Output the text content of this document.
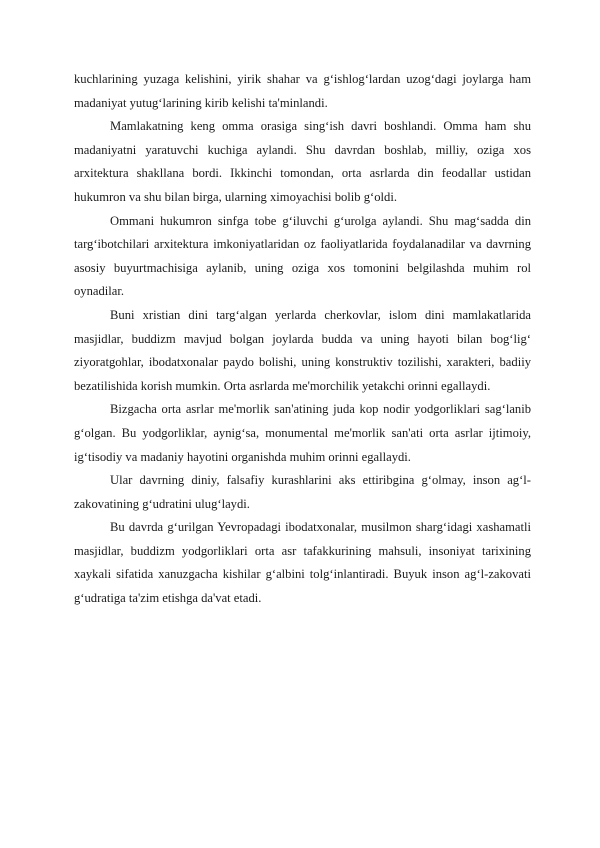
kuchlarining yuzaga kelishini, yirik shahar va g‘ishlog‘lardan uzog‘dagi joylarga ham madaniyat yutug‘larining kirib kelishi ta'minlandi.

Mamlakatning keng omma orasiga sing‘ish davri boshlandi. Omma ham shu madaniyatni yaratuvchi kuchiga aylandi. Shu davrdan boshlab, milliy, oziga xos arxitektura shakllana bordi. Ikkinchi tomondan, orta asrlarda din feodallar ustidan hukumron va shu bilan birga, ularning ximoyachisi bolib g‘oldi.

Ommani hukumron sinfga tobe g‘iluvchi g‘urolga aylandi. Shu mag‘sadda din targ‘ibotchilari arxitektura imkoniyatlaridan oz faoliyatlarida foydalanadilar va davrning asosiy buyurtmachisiga aylanib, uning oziga xos tomonini belgilashda muhim rol oynadilar.

Buni xristian dini targ‘algan yerlarda cherkovlar, islom dini mamlakatlarida masjidlar, buddizm mavjud bolgan joylarda budda va uning hayoti bilan bog‘lig‘ ziyoratgohlar, ibodatxonalar paydo bolishi, uning konstruktiv tozilishi, xarakteri, badiiy bezatilishida korish mumkin. Orta asrlarda me'morchilik yetakchi orinni egallaydi.

Bizgacha orta asrlar me'morlik san'atining juda kop nodir yodgorliklari sag‘lanib g‘olgan. Bu yodgorliklar, aynig‘sa, monumental me'morlik san'ati orta asrlar ijtimoiy, ig‘tisodiy va madaniy hayotini organishda muhim orinni egallaydi.

Ular davrning diniy, falsafiy kurashlarini aks ettiribgina g‘olmay, inson ag‘l-zakovatining g‘udratini ulug‘laydi.

Bu davrda g‘urilgan Yevropadagi ibodatxonalar, musilmon sharg‘idagi xashamatli masjidlar, buddizm yodgorliklari orta asr tafakkurining mahsuli, insoniyat tarixining xaykali sifatida xanuzgacha kishilar g‘albini tolg‘inlantiradi. Buyuk inson ag‘l-zakovati g‘udratiga ta'zim etishga da'vat etadi.
